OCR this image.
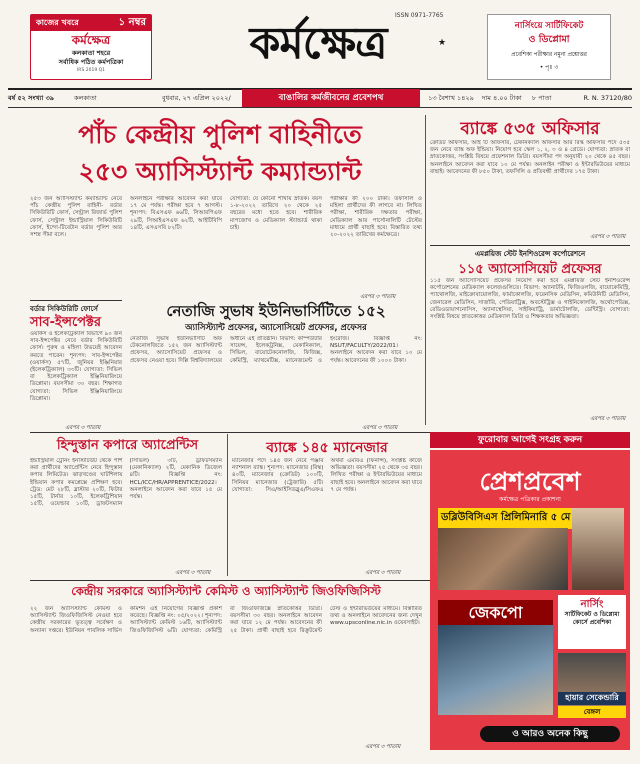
কাজের খবরে	১ নম্বর
কর্মক্ষেত্র
কলকাতা শহরে
সর্বাধিক পঠিত কর্মপত্রিকা
IRS 2019 Q1
কর্মক্ষেত্র
ISSN 0971-7765
★
নার্সিংয়ে সার্টিফিকেট
ও ডিপ্লোমা
প্রবেশিকা পরীক্ষার নমুনা প্রশ্নোত্তর
• পৃঃ ৩
বর্ষ ৫২ সংখ্যা ৩৯	কলকাতা	বুধবার, ২৭ এপ্রিল ২০২২/	বাঙালির কর্মজীবনের প্রবেশপথ	১৩ বৈশাখ ১৪২৯	দাম ৪.০০ টাকা	৮ পাতা	R. N. 37120/80
পাঁচ কেন্দ্রীয় পুলিশ বাহিনীতে
২৫৩ অ্যাসিস্ট্যান্ট কম্যান্ড্যান্ট

২৫৩ জন অ্যাসিস্ট্যান্ট কম্যান্ড্যান্ট নেবে পাঁচ কেন্দ্রীয় পুলিশ বাহিনী- বর্ডার সিকিউরিটি ফোর্স, সেন্ট্রাল রিজার্ভ পুলিশ ফোর্স, সেন্ট্রাল ইন্ডাস্ট্রিয়াল সিকিউরিটি ফোর্স, ইন্দো-টিবেটান বর্ডার পুলিশ আর সশস্ত্র সীমা বলে।

অনলাইনে পরীক্ষার আবেদন করা যাবে ১৭ মে পর্যন্ত। পরীক্ষা হবে ৭ আগস্ট। শূন্যপদ: বিএসএফ ৬৬টি, সিআরপিএফ ২৯টি, সিআইএসএফ ৬২টি, আইটিবিপি ১৪টি, এসএসবি ৮২টি।

যোগ্যতা: যে কোনো শাখায় স্নাতক। বয়স ১-৮-২০২২ তারিখে ২০ থেকে ২৫ বছরের মধ্যে হতে হবে। শারীরিক মাপজোখ ও মেডিক্যাল স্ট্যান্ডার্ড থাকা চাই।

পরীক্ষার ফী ২০০ টাকা। তফসিলি ও মহিলা প্রার্থীদের ফী লাগবে না। লিখিত পরীক্ষা, শারীরিক দক্ষতার পরীক্ষা, মেডিক্যাল আর পার্সোনালিটি টেস্টের মাধ্যমে প্রার্থী বাছাই হবে। বিস্তারিত তথ্য ২০-২০২২ তারিখের কর্মক্ষেত্রে।

এরপর ৩ পাতায়
বর্ডার সিকিউরিটি ফোর্সে
সাব-ইন্সপেক্টর
ওয়ার্কস ও ইলেকট্রিক্যাল বিভাগে ৯০ জন সাব-ইন্সপেক্টর নেবে বর্ডার সিকিউরিটি ফোর্স। পুরুষ ও মহিলা উভয়েই আবেদন করতে পারেন। শূন্যপদ: সাব-ইন্সপেক্টর (ওয়ার্কস) ৫৭টি, জুনিয়র ইঞ্জিনিয়ার (ইলেকট্রিক্যাল) ৩৩টি। যোগ্যতা: সিভিল বা ইলেকট্রিক্যাল ইঞ্জিনিয়ারিংয়ে ডিপ্লোমা। বয়সসীমা ৩০ বছর। শিক্ষাগত যোগ্যতা: সিভিল ইঞ্জিনিয়ারিংয়ে ডিপ্লোমা।
এরপর ৩ পাতায়
নেতাজি সুভাষ ইউনিভার্সিটিতে ১৫২
অ্যাসিস্ট্যান্ট প্রফেসর, অ্যাসোসিয়েট প্রফেসর, প্রফেসর
নেতাজি সুভাষ ইউনিভার্সিটি অফ টেকনোলজিতে ১৫২ জন অ্যাসিস্ট্যান্ট প্রফেসর, অ্যাসোসিয়েট প্রফেসর ও প্রফেসর নেওয়া হবে। দিল্লি বিশ্ববিদ্যালয়ের অধীনে এই প্রতিষ্ঠান। বিভাগ: কম্পিউটার সায়েন্স, ইলেকট্রনিক্স, মেকানিক্যাল, সিভিল, বায়োটেকনোলজি, ফিজিক্স, কেমিস্ট্রি, ম্যাথমেটিক্স, ম্যানেজমেন্ট ও ইংরেজি। বিজ্ঞপ্তি নং: NSUT/FACULTY/2022/01। অনলাইনে আবেদন করা যাবে ১০ মে পর্যন্ত। আবেদনের ফী ১০০০ টাকা।
এরপর ৩ পাতায়
ব্যাঙ্কে ৫৩৫ অফিসার
ক্রেডিট অফিসার, আই টি অফিসার, টেকনিক্যাল অফিসার আর রিস্ক অফিসার পদে ৫৩৫ জন নেবে ব্যাঙ্ক অফ ইন্ডিয়া। নিয়োগ হবে স্কেল ১, ২, ৩ ও ৪ গ্রেডে। যোগ্যতা: স্নাতক বা স্নাতকোত্তর, সংশ্লিষ্ট বিষয়ে প্রফেশনাল ডিগ্রি। বয়সসীমা পদ অনুযায়ী ২০ থেকে ৪৫ বছর। অনলাইনে আবেদন করা যাবে ১০ মে পর্যন্ত। অনলাইন পরীক্ষা ও ইন্টারভিউয়ের মাধ্যমে বাছাই। আবেদনের ফী ৮৫০ টাকা, তফসিলি ও প্রতিবন্ধী প্রার্থীদের ১৭৫ টাকা।
এরপর ৩ পাতায়
এমপ্লয়িজ স্টেট ইনশিওরেন্স কর্পোরেশনে
১১৫ অ্যাসোসিয়েট প্রফেসর
১১৫ জন অ্যাসোসিয়েট প্রফেসর নিয়োগ করা হবে এমপ্লয়িজ স্টেট ইনশিওরেন্স কর্পোরেশনের মেডিক্যাল কলেজগুলিতে। বিভাগ: অ্যানাটমি, ফিজিওলজি, বায়োকেমিস্ট্রি, প্যাথোলজি, মাইক্রোবায়োলজি, ফার্মাকোলজি, ফরেনসিক মেডিসিন, কমিউনিটি মেডিসিন, জেনারেল মেডিসিন, সার্জারি, পেডিয়াট্রিক্স, অবস্টেট্রিক্স ও গাইনিকোলজি, অর্থোপেডিক্স, রেডিওডায়াগনোসিস, অ্যানাস্থেসিয়া, সাইকিয়াট্রি, ডার্মাটোলজি, ডেন্টিস্ট্রি। যোগ্যতা: সংশ্লিষ্ট বিষয়ে স্নাতকোত্তর মেডিক্যাল ডিগ্রি ও শিক্ষকতার অভিজ্ঞতা।
এরপর ৩ পাতায়
হিন্দুস্তান কপারে অ্যাপ্রেন্টিস
ইন্ডাস্ট্রিয়াল ট্রেনিং ইনস্টিটিউট থেকে পাশ করা প্রার্থীদের অ্যাপ্রেন্টিস নেবে হিন্দুস্তান কপার লিমিটেড। ঝাড়খণ্ডের ঘাটশিলায় ইন্ডিয়ান কপার কমপ্লেক্সে প্রশিক্ষণ হবে। ট্রেড: মেট ২৮টি, ব্লাস্টার ২০টি, ফিটার ১৫টি, টার্নার ১০টি, ইলেকট্রিশিয়ান ১৫টি, ওয়েল্ডার ১০টি, ড্রাফটসম্যান (সিভিল) ৩টি, ড্রাফটসম্যান (মেকানিক্যাল) ২টি, মেকানিক ডিজেল ৪টি। বিজ্ঞপ্তি নং: HCL/ICC/HR/APPRENTICE/2022। অনলাইনে আবেদন করা যাবে ১৫ মে পর্যন্ত।
এরপর ৩ পাতায়
ব্যাঙ্কে ১৪৫ ম্যানেজার
ম্যানেজার পদে ১৪৫ জন নেবে পঞ্জাব ন্যাশনাল ব্যাঙ্ক। শূন্যপদ: ম্যানেজার (রিস্ক) ৪০টি, ম্যানেজার (ক্রেডিট) ১০০টি, সিনিয়র ম্যানেজার (ট্রেজারি) ৫টি। যোগ্যতা: সিএ/আইসিডব্লুএ/সিএফএ অথবা এমবিএ (ফিনান্স), সংশ্লিষ্ট কাজে অভিজ্ঞতা। বয়সসীমা ২৫ থেকে ৩৫ বছর। লিখিত পরীক্ষা ও ইন্টারভিউয়ের মাধ্যমে বাছাই হবে। অনলাইনে আবেদন করা যাবে ৭ মে পর্যন্ত।
এরপর ৩ পাতায়
কেন্দ্রীয় সরকারে অ্যাসিস্ট্যান্ট কেমিস্ট ও অ্যাসিস্ট্যান্ট জিওফিজিসিস্ট
২২ জন অ্যাসিস্ট্যান্ট কেমিস্ট ও অ্যাসিস্ট্যান্ট জিওফিজিসিস্ট নেওয়া হবে কেন্দ্রীয় সরকারের ভূতত্ত্ব সর্বেক্ষণ ও অন্যান্য দপ্তরে। ইউনিয়ন পাবলিক সার্ভিস কমিশন এই নিয়োগের বিজ্ঞপ্তি প্রকাশ করেছে। বিজ্ঞপ্তি নং: ০৫/২০২২। শূন্যপদ: অ্যাসিস্ট্যান্ট কেমিস্ট ১৬টি, অ্যাসিস্ট্যান্ট জিওফিজিসিস্ট ৬টি। যোগ্যতা: কেমিস্ট্রি বা জিওফিজিক্সে স্নাতকোত্তর ডিগ্রি। বয়সসীমা ৩০ বছর। অনলাইনে আবেদন করা যাবে ১২ মে পর্যন্ত। আবেদনের ফী ২৫ টাকা। প্রার্থী বাছাই হবে রিক্রুটমেন্ট টেস্ট ও ইন্টারভিউয়ের মাধ্যমে। বিস্তারিত তথ্য ও অনলাইনে আবেদনের জন্য দেখুন www.upsconline.nic.in ওয়েবসাইট।
এরপর ৩ পাতায়
ফুরোবার আগেই সংগ্রহ করুন
প্রেশপ্রবেশ
কর্মক্ষেত্র পত্রিকার প্রকাশনা
ডব্লিউবিসিএস প্রিলিমিনারি ৫ মে
নার্সিং
সার্টিফিকেট ও ডিপ্লোমা কোর্সে প্রবেশিকা
জেকপো
হায়ার সেকেন্ডারি
বেঙ্গল
ও আরও অনেক কিছু
